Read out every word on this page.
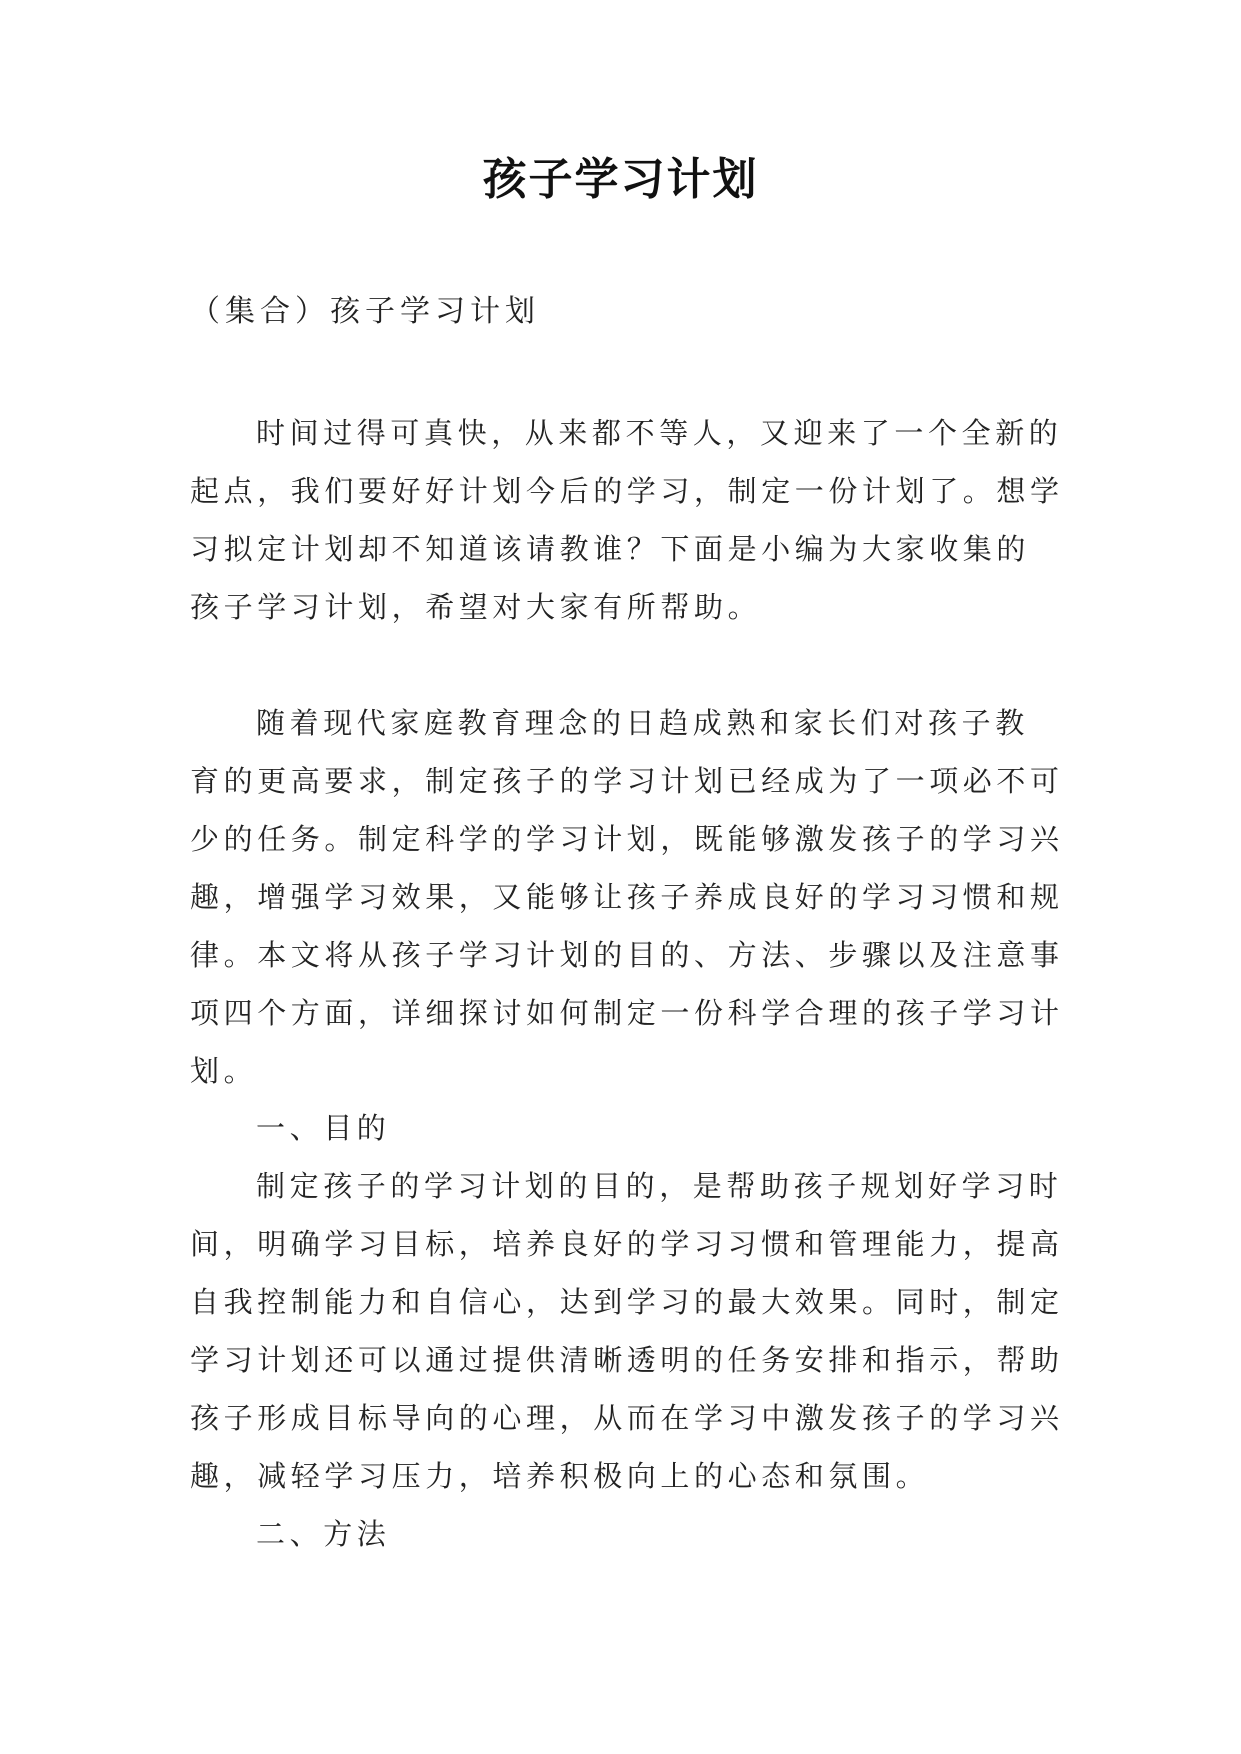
孩子学习计划
（集合）孩子学习计划
时间过得可真快，从来都不等人，又迎来了一个全新的
起点，我们要好好计划今后的学习，制定一份计划了。想学
习拟定计划却不知道该请教谁？下面是小编为大家收集的
孩子学习计划，希望对大家有所帮助。
随着现代家庭教育理念的日趋成熟和家长们对孩子教
育的更高要求，制定孩子的学习计划已经成为了一项必不可
少的任务。制定科学的学习计划，既能够激发孩子的学习兴
趣，增强学习效果，又能够让孩子养成良好的学习习惯和规
律。本文将从孩子学习计划的目的、方法、步骤以及注意事
项四个方面，详细探讨如何制定一份科学合理的孩子学习计
划。
一、目的
制定孩子的学习计划的目的，是帮助孩子规划好学习时
间，明确学习目标，培养良好的学习习惯和管理能力，提高
自我控制能力和自信心，达到学习的最大效果。同时，制定
学习计划还可以通过提供清晰透明的任务安排和指示，帮助
孩子形成目标导向的心理，从而在学习中激发孩子的学习兴
趣，减轻学习压力，培养积极向上的心态和氛围。
二、方法
